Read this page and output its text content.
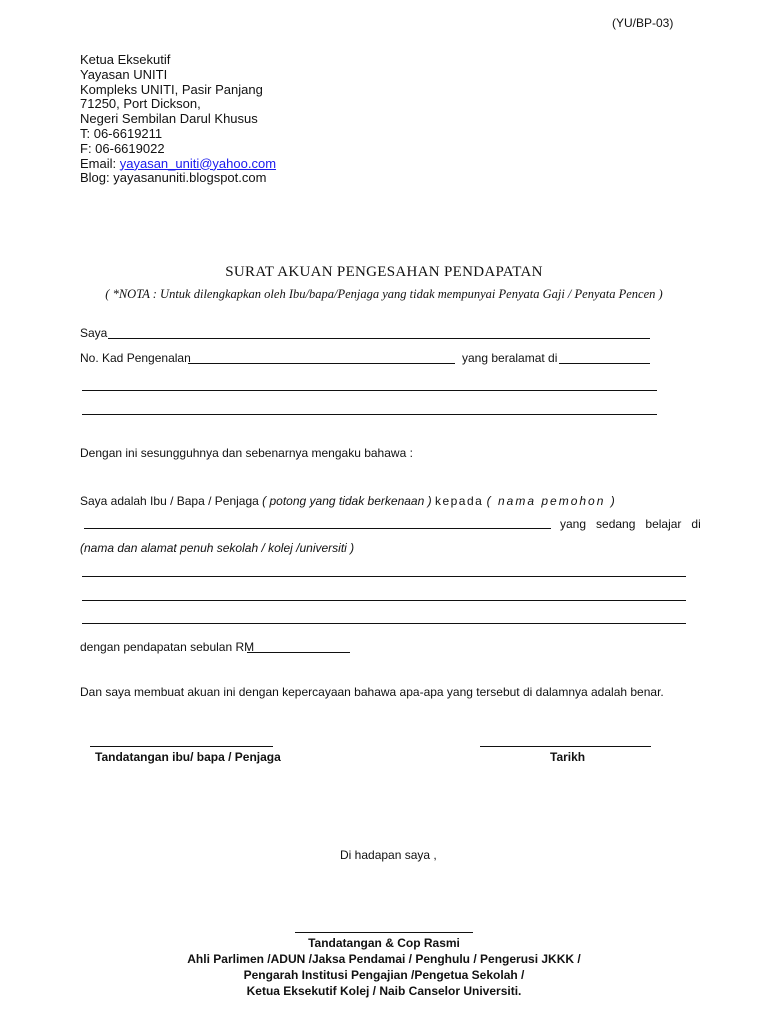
(YU/BP-03)
Ketua Eksekutif
Yayasan UNITI
Kompleks UNITI, Pasir Panjang
71250, Port Dickson,
Negeri Sembilan Darul Khusus
T: 06-6619211
F: 06-6619022
Email: yayasan_uniti@yahoo.com
Blog: yayasanuniti.blogspot.com
SURAT AKUAN PENGESAHAN PENDAPATAN
( *NOTA : Untuk dilengkapkan oleh Ibu/bapa/Penjaga yang tidak mempunyai Penyata Gaji / Penyata Pencen )
Saya
No. Kad Pengenalan	yang beralamat di
Dengan ini sesungguhnya dan sebenarnya mengaku bahawa :
Saya adalah Ibu / Bapa / Penjaga ( potong yang tidak berkenaan ) kepada ( nama pemohon )
yang   sedang   belajar   di
(nama dan alamat penuh sekolah / kolej /universiti )
dengan pendapatan sebulan RM
Dan saya membuat akuan ini dengan kepercayaan bahawa apa-apa yang tersebut di dalamnya adalah benar.
Tandatangan ibu/ bapa / Penjaga	Tarikh
Di hadapan saya ,
Tandatangan & Cop Rasmi
Ahli Parlimen /ADUN /Jaksa Pendamai / Penghulu / Pengerusi JKKK /
Pengarah Institusi Pengajian /Pengetua Sekolah /
Ketua Eksekutif Kolej / Naib Canselor Universiti.
